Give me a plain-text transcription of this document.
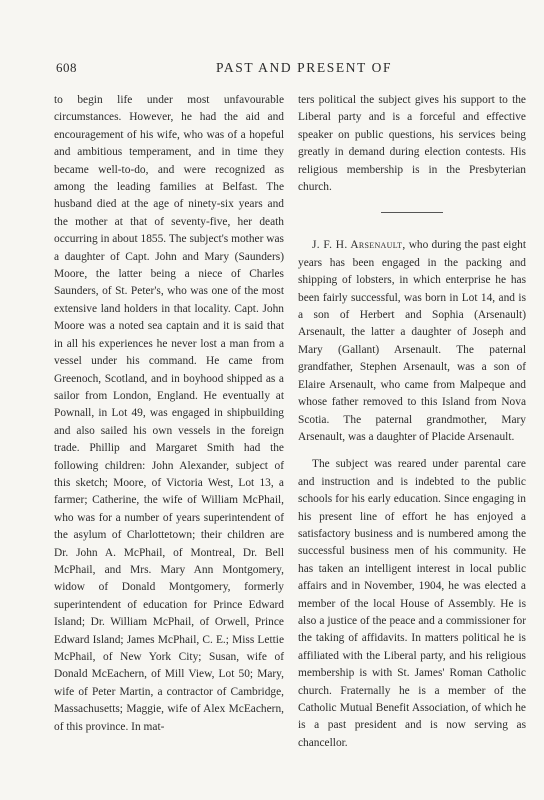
608	PAST AND PRESENT OF

to begin life under most unfavourable circumstances. However, he had the aid and encouragement of his wife, who was of a hopeful and ambitious temperament, and in time they became well-to-do, and were recognized as among the leading families at Belfast. The husband died at the age of ninety-six years and the mother at that of seventy-five, her death occurring in about 1855. The subject's mother was a daughter of Capt. John and Mary (Saunders) Moore, the latter being a niece of Charles Saunders, of St. Peter's, who was one of the most extensive land holders in that locality. Capt. John Moore was a noted sea captain and it is said that in all his experiences he never lost a man from a vessel under his command. He came from Greenoch, Scotland, and in boyhood shipped as a sailor from London, England. He eventually at Pownall, in Lot 49, was engaged in shipbuilding and also sailed his own vessels in the foreign trade. Phillip and Margaret Smith had the following children: John Alexander, subject of this sketch; Moore, of Victoria West, Lot 13, a farmer; Catherine, the wife of William McPhail, who was for a number of years superintendent of the asylum of Charlottetown; their children are Dr. John A. McPhail, of Montreal, Dr. Bell McPhail, and Mrs. Mary Ann Montgomery, widow of Donald Montgomery, formerly superintendent of education for Prince Edward Island; Dr. William McPhail, of Orwell, Prince Edward Island; James McPhail, C. E.; Miss Lettie McPhail, of New York City; Susan, wife of Donald McEachern, of Mill View, Lot 50; Mary, wife of Peter Martin, a contractor of Cambridge, Massachusetts; Maggie, wife of Alex McEachern, of this province. In mat-

ters political the subject gives his support to the Liberal party and is a forceful and effective speaker on public questions, his services being greatly in demand during election contests. His religious membership is in the Presbyterian church.

J. F. H. Arsenault, who during the past eight years has been engaged in the packing and shipping of lobsters, in which enterprise he has been fairly successful, was born in Lot 14, and is a son of Herbert and Sophia (Arsenault) Arsenault, the latter a daughter of Joseph and Mary (Gallant) Arsenault. The paternal grandfather, Stephen Arsenault, was a son of Elaire Arsenault, who came from Malpeque and whose father removed to this Island from Nova Scotia. The paternal grandmother, Mary Arsenault, was a daughter of Placide Arsenault.

The subject was reared under parental care and instruction and is indebted to the public schools for his early education. Since engaging in his present line of effort he has enjoyed a satisfactory business and is numbered among the successful business men of his community. He has taken an intelligent interest in local public affairs and in November, 1904, he was elected a member of the local House of Assembly. He is also a justice of the peace and a commissioner for the taking of affidavits. In matters political he is affiliated with the Liberal party, and his religious membership is with St. James' Roman Catholic church. Fraternally he is a member of the Catholic Mutual Benefit Association, of which he is a past president and is now serving as chancellor.
